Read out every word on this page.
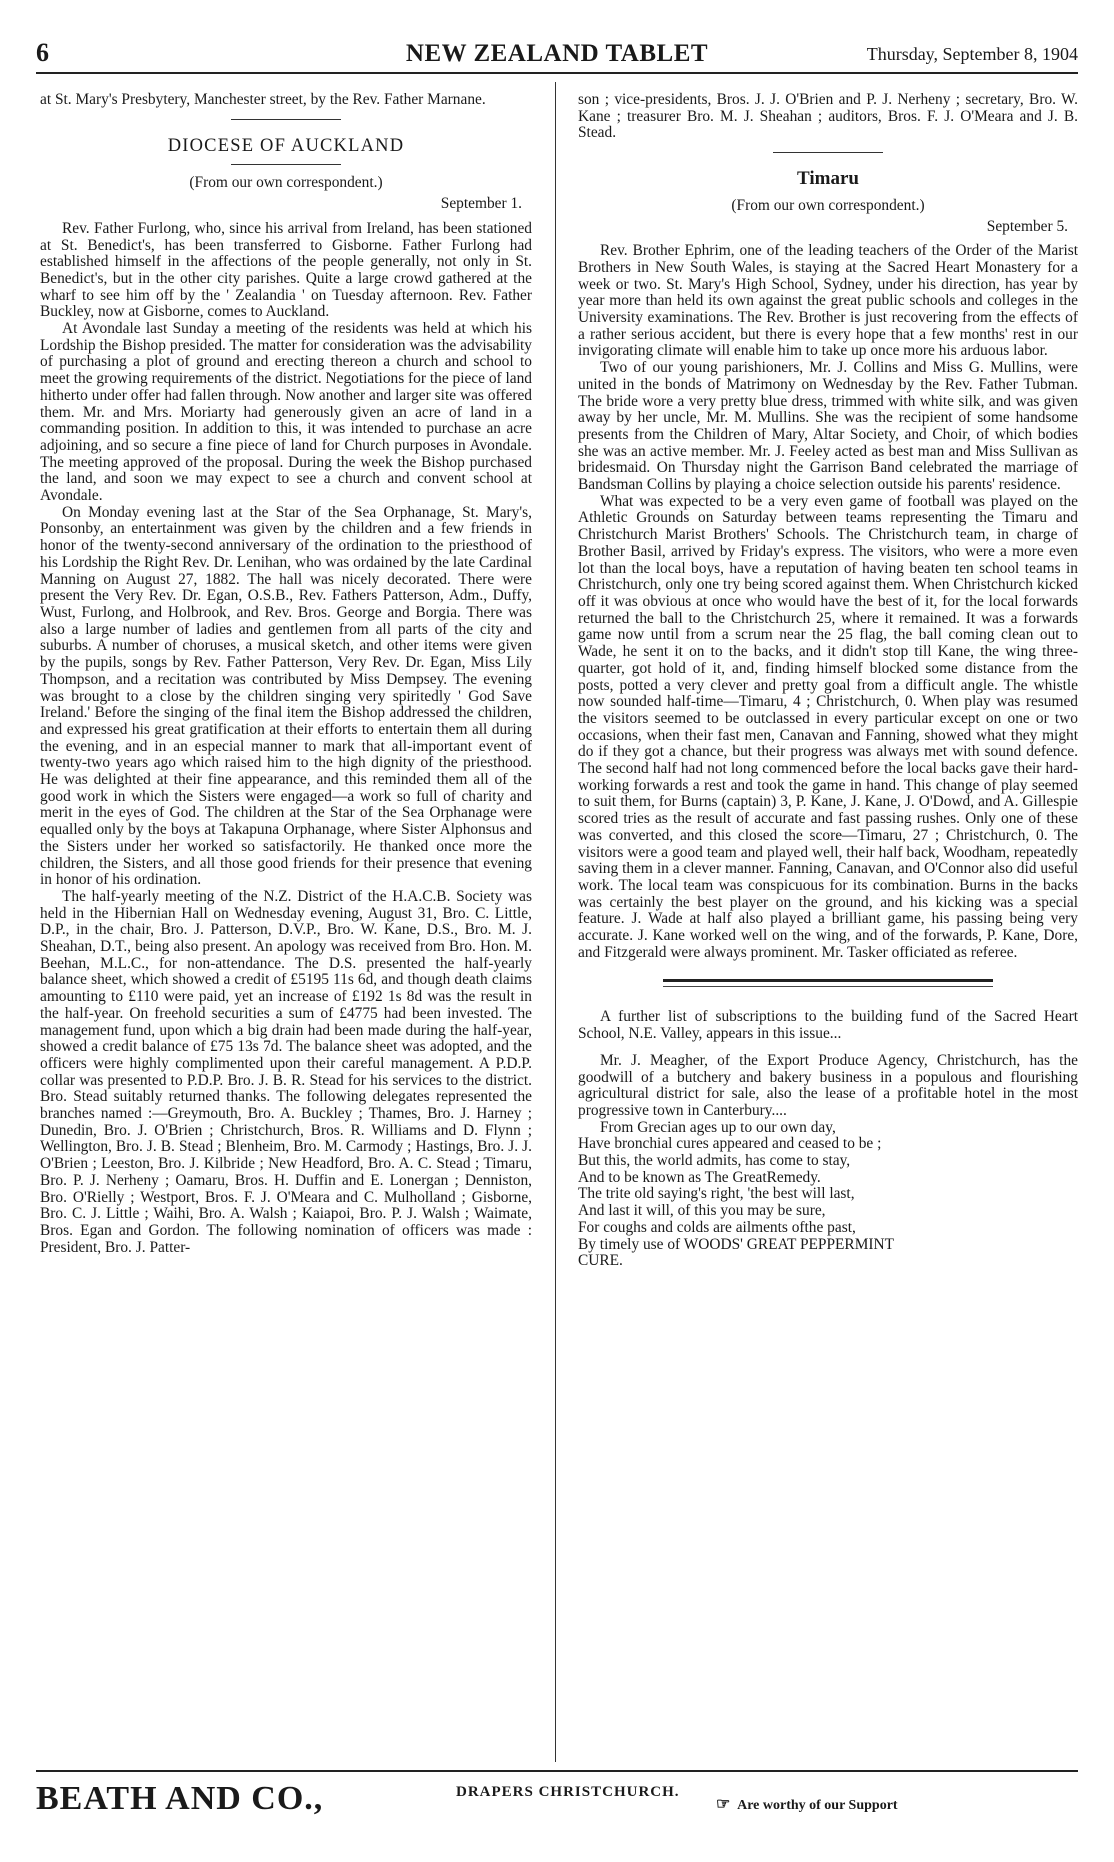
6	NEW ZEALAND TABLET	Thursday, September 8, 1904

at St. Mary's Presbytery, Manchester street, by the Rev. Father Marnane.

DIOCESE OF AUCKLAND
(From our own correspondent.)
September 1.

Rev. Father Furlong, who, since his arrival from Ireland, has been stationed at St. Benedict's, has been transferred to Gisborne. Father Furlong had established himself in the affections of the people generally, not only in St. Benedict's, but in the other city parishes. Quite a large crowd gathered at the wharf to see him off by the ' Zealandia ' on Tuesday afternoon. Rev. Father Buckley, now at Gisborne, comes to Auckland.

At Avondale last Sunday a meeting of the residents was held at which his Lordship the Bishop presided. The matter for consideration was the advisability of purchasing a plot of ground and erecting thereon a church and school to meet the growing requirements of the district. Negotiations for the piece of land hitherto under offer had fallen through. Now another and larger site was offered them. Mr. and Mrs. Moriarty had generously given an acre of land in a commanding position. In addition to this, it was intended to purchase an acre adjoining, and so secure a fine piece of land for Church purposes in Avondale. The meeting approved of the proposal. During the week the Bishop purchased the land, and soon we may expect to see a church and convent school at Avondale.

On Monday evening last at the Star of the Sea Orphanage, St. Mary's, Ponsonby, an entertainment was given by the children and a few friends in honor of the twenty-second anniversary of the ordination to the priesthood of his Lordship the Right Rev. Dr. Lenihan, who was ordained by the late Cardinal Manning on August 27, 1882. The hall was nicely decorated. There were present the Very Rev. Dr. Egan, O.S.B., Rev. Fathers Patterson, Adm., Duffy, Wust, Furlong, and Holbrook, and Rev. Bros. George and Borgia. There was also a large number of ladies and gentlemen from all parts of the city and suburbs. A number of choruses, a musical sketch, and other items were given by the pupils, songs by Rev. Father Patterson, Very Rev. Dr. Egan, Miss Lily Thompson, and a recitation was contributed by Miss Dempsey. The evening was brought to a close by the children singing very spiritedly ' God Save Ireland.' Before the singing of the final item the Bishop addressed the children, and expressed his great gratification at their efforts to entertain them all during the evening, and in an especial manner to mark that all-important event of twenty-two years ago which raised him to the high dignity of the priesthood. He was delighted at their fine appearance, and this reminded them all of the good work in which the Sisters were engaged—a work so full of charity and merit in the eyes of God. The children at the Star of the Sea Orphanage were equalled only by the boys at Takapuna Orphanage, where Sister Alphonsus and the Sisters under her worked so satisfactorily. He thanked once more the children, the Sisters, and all those good friends for their presence that evening in honor of his ordination.

The half-yearly meeting of the N.Z. District of the H.A.C.B. Society was held in the Hibernian Hall on Wednesday evening, August 31, Bro. C. Little, D.P., in the chair, Bro. J. Patterson, D.V.P., Bro. W. Kane, D.S., Bro. M. J. Sheahan, D.T., being also present. An apology was received from Bro. Hon. M. Beehan, M.L.C., for non-attendance. The D.S. presented the half-yearly balance sheet, which showed a credit of £5195 11s 6d, and though death claims amounting to £110 were paid, yet an increase of £192 1s 8d was the result in the half-year. On freehold securities a sum of £4775 had been invested. The management fund, upon which a big drain had been made during the half-year, showed a credit balance of £75 13s 7d. The balance sheet was adopted, and the officers were highly complimented upon their careful management. A P.D.P. collar was presented to P.D.P. Bro. J. B. R. Stead for his services to the district. Bro. Stead suitably returned thanks. The following delegates represented the branches named :—Greymouth, Bro. A. Buckley ; Thames, Bro. J. Harney ; Dunedin, Bro. J. O'Brien ; Christchurch, Bros. R. Williams and D. Flynn ; Wellington, Bro. J. B. Stead ; Blenheim, Bro. M. Carmody ; Hastings, Bro. J. J. O'Brien ; Leeston, Bro. J. Kilbride ; New Headford, Bro. A. C. Stead ; Timaru, Bro. P. J. Nerheny ; Oamaru, Bros. H. Duffin and E. Lonergan ; Denniston, Bro. O'Rielly ; Westport, Bros. F. J. O'Meara and C. Mulholland ; Gisborne, Bro. C. J. Little ; Waihi, Bro. A. Walsh ; Kaiapoi, Bro. P. J. Walsh ; Waimate, Bros. Egan and Gordon. The following nomination of officers was made : President, Bro. J. Patter-

son ; vice-presidents, Bros. J. J. O'Brien and P. J. Nerheny ; secretary, Bro. W. Kane ; treasurer Bro. M. J. Sheahan ; auditors, Bros. F. J. O'Meara and J. B. Stead.

Timaru
(From our own correspondent.)
September 5.

Rev. Brother Ephrim, one of the leading teachers of the Order of the Marist Brothers in New South Wales, is staying at the Sacred Heart Monastery for a week or two. St. Mary's High School, Sydney, under his direction, has year by year more than held its own against the great public schools and colleges in the University examinations. The Rev. Brother is just recovering from the effects of a rather serious accident, but there is every hope that a few months' rest in our invigorating climate will enable him to take up once more his arduous labor.

Two of our young parishioners, Mr. J. Collins and Miss G. Mullins, were united in the bonds of Matrimony on Wednesday by the Rev. Father Tubman. The bride wore a very pretty blue dress, trimmed with white silk, and was given away by her uncle, Mr. M. Mullins. She was the recipient of some handsome presents from the Children of Mary, Altar Society, and Choir, of which bodies she was an active member. Mr. J. Feeley acted as best man and Miss Sullivan as bridesmaid. On Thursday night the Garrison Band celebrated the marriage of Bandsman Collins by playing a choice selection outside his parents' residence.

What was expected to be a very even game of football was played on the Athletic Grounds on Saturday between teams representing the Timaru and Christchurch Marist Brothers' Schools. The Christchurch team, in charge of Brother Basil, arrived by Friday's express. The visitors, who were a more even lot than the local boys, have a reputation of having beaten ten school teams in Christchurch, only one try being scored against them. When Christchurch kicked off it was obvious at once who would have the best of it, for the local forwards returned the ball to the Christchurch 25, where it remained. It was a forwards game now until from a scrum near the 25 flag, the ball coming clean out to Wade, he sent it on to the backs, and it didn't stop till Kane, the wing three-quarter, got hold of it, and, finding himself blocked some distance from the posts, potted a very clever and pretty goal from a difficult angle. The whistle now sounded half-time—Timaru, 4 ; Christchurch, 0. When play was resumed the visitors seemed to be outclassed in every particular except on one or two occasions, when their fast men, Canavan and Fanning, showed what they might do if they got a chance, but their progress was always met with sound defence. The second half had not long commenced before the local backs gave their hard-working forwards a rest and took the game in hand. This change of play seemed to suit them, for Burns (captain) 3, P. Kane, J. Kane, J. O'Dowd, and A. Gillespie scored tries as the result of accurate and fast passing rushes. Only one of these was converted, and this closed the score—Timaru, 27 ; Christchurch, 0. The visitors were a good team and played well, their half back, Woodham, repeatedly saving them in a clever manner. Fanning, Canavan, and O'Connor also did useful work. The local team was conspicuous for its combination. Burns in the backs was certainly the best player on the ground, and his kicking was a special feature. J. Wade at half also played a brilliant game, his passing being very accurate. J. Kane worked well on the wing, and of the forwards, P. Kane, Dore, and Fitzgerald were always prominent. Mr. Tasker officiated as referee.

A further list of subscriptions to the building fund of the Sacred Heart School, N.E. Valley, appears in this issue...

Mr. J. Meagher, of the Export Produce Agency, Christchurch, has the goodwill of a butchery and bakery business in a populous and flourishing agricultural district for sale, also the lease of a profitable hotel in the most progressive town in Canterbury....

From Grecian ages up to our own day,
Have bronchial cures appeared and ceased to be ;
But this, the world admits, has come to stay,
And to be known as The GreatRemedy.
The trite old saying's right, 'the best will last,
And last it will, of this you may be sure,
For coughs and colds are ailments ofthe past,
By timely use of WOODS' GREAT PEPPERMINT
CURE.

BEATH AND CO.,	DRAPERS CHRISTCHURCH.
☞ Are worthy of our Support
